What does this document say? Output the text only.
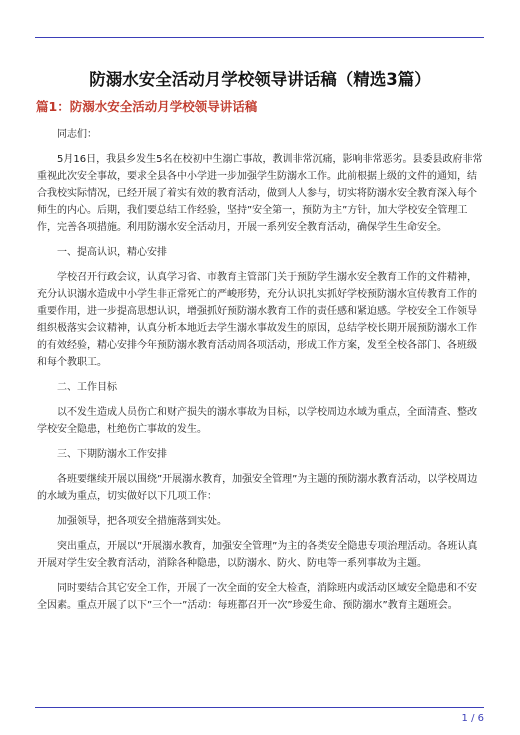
防溺水安全活动月学校领导讲话稿（精选3篇）
篇1：防溺水安全活动月学校领导讲话稿

同志们：

5月16日，我县乡发生5名在校初中生溺亡事故，教训非常沉痛，影响非常恶劣。县委县政府非常重视此次安全事故，要求全县各中小学进一步加强学生防溺水工作。此前根据上级的文件的通知，结合我校实际情况，已经开展了着实有效的教育活动，做到人人参与，切实将防溺水安全教育深入每个师生的内心。后期，我们要总结工作经验，坚持”安全第一，预防为主”方针，加大学校安全管理工作，完善各项措施。利用防溺水安全活动月，开展一系列安全教育活动，确保学生生命安全。

一、提高认识，精心安排

学校召开行政会议，认真学习省、市教育主管部门关于预防学生溺水安全教育工作的文件精神，充分认识溺水造成中小学生非正常死亡的严峻形势，充分认识扎实抓好学校预防溺水宣传教育工作的重要作用，进一步提高思想认识，增强抓好预防溺水教育工作的责任感和紧迫感。学校安全工作领导组织极落实会议精神，认真分析本地近去学生溺水事故发生的原因，总结学校长期开展预防溺水工作的有效经验，精心安排今年预防溺水教育活动周各项活动，形成工作方案，发至全校各部门、各班级和每个教职工。

二、工作目标

以不发生造成人员伤亡和财产损失的溺水事故为目标，以学校周边水域为重点，全面清查、整改学校安全隐患，杜绝伤亡事故的发生。

三、下期防溺水工作安排

各班要继续开展以围绕”开展溺水教育，加强安全管理”为主题的预防溺水教育活动，以学校周边的水域为重点，切实做好以下几项工作：

加强领导，把各项安全措施落到实处。

突出重点，开展以”开展溺水教育，加强安全管理”为主的各类安全隐患专项治理活动。各班认真开展对学生安全教育活动，消除各种隐患，以防溺水、防火、防电等一系列事故为主题。

同时要结合其它安全工作，开展了一次全面的安全大检查，消除班内或活动区域安全隐患和不安全因素。重点开展了以下”三个一”活动：每班都召开一次”珍爱生命、预防溺水”教育主题班会。

1 / 6
